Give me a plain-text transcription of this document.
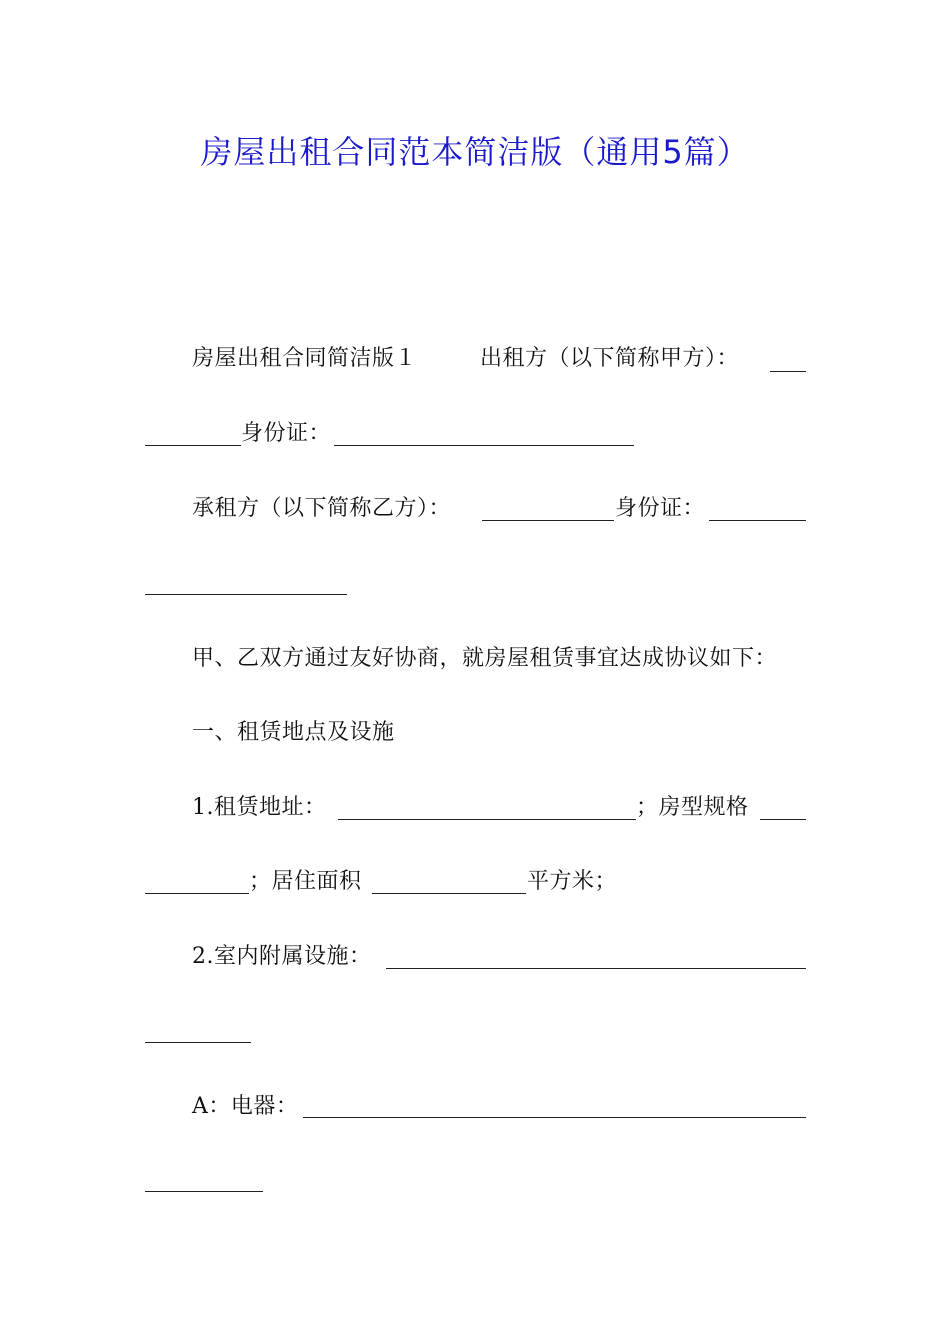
房屋出租合同范本简洁版（通用5篇）
房屋出租合同简洁版１	出租方（以下简称甲方）：
身份证：
承租方（以下简称乙方）：	身份证：
甲、乙双方通过友好协商，就房屋租赁事宜达成协议如下：
一、租赁地点及设施
1.租赁地址：	；房型规格
；居住面积	平方米；
2.室内附属设施：
A：电器：
